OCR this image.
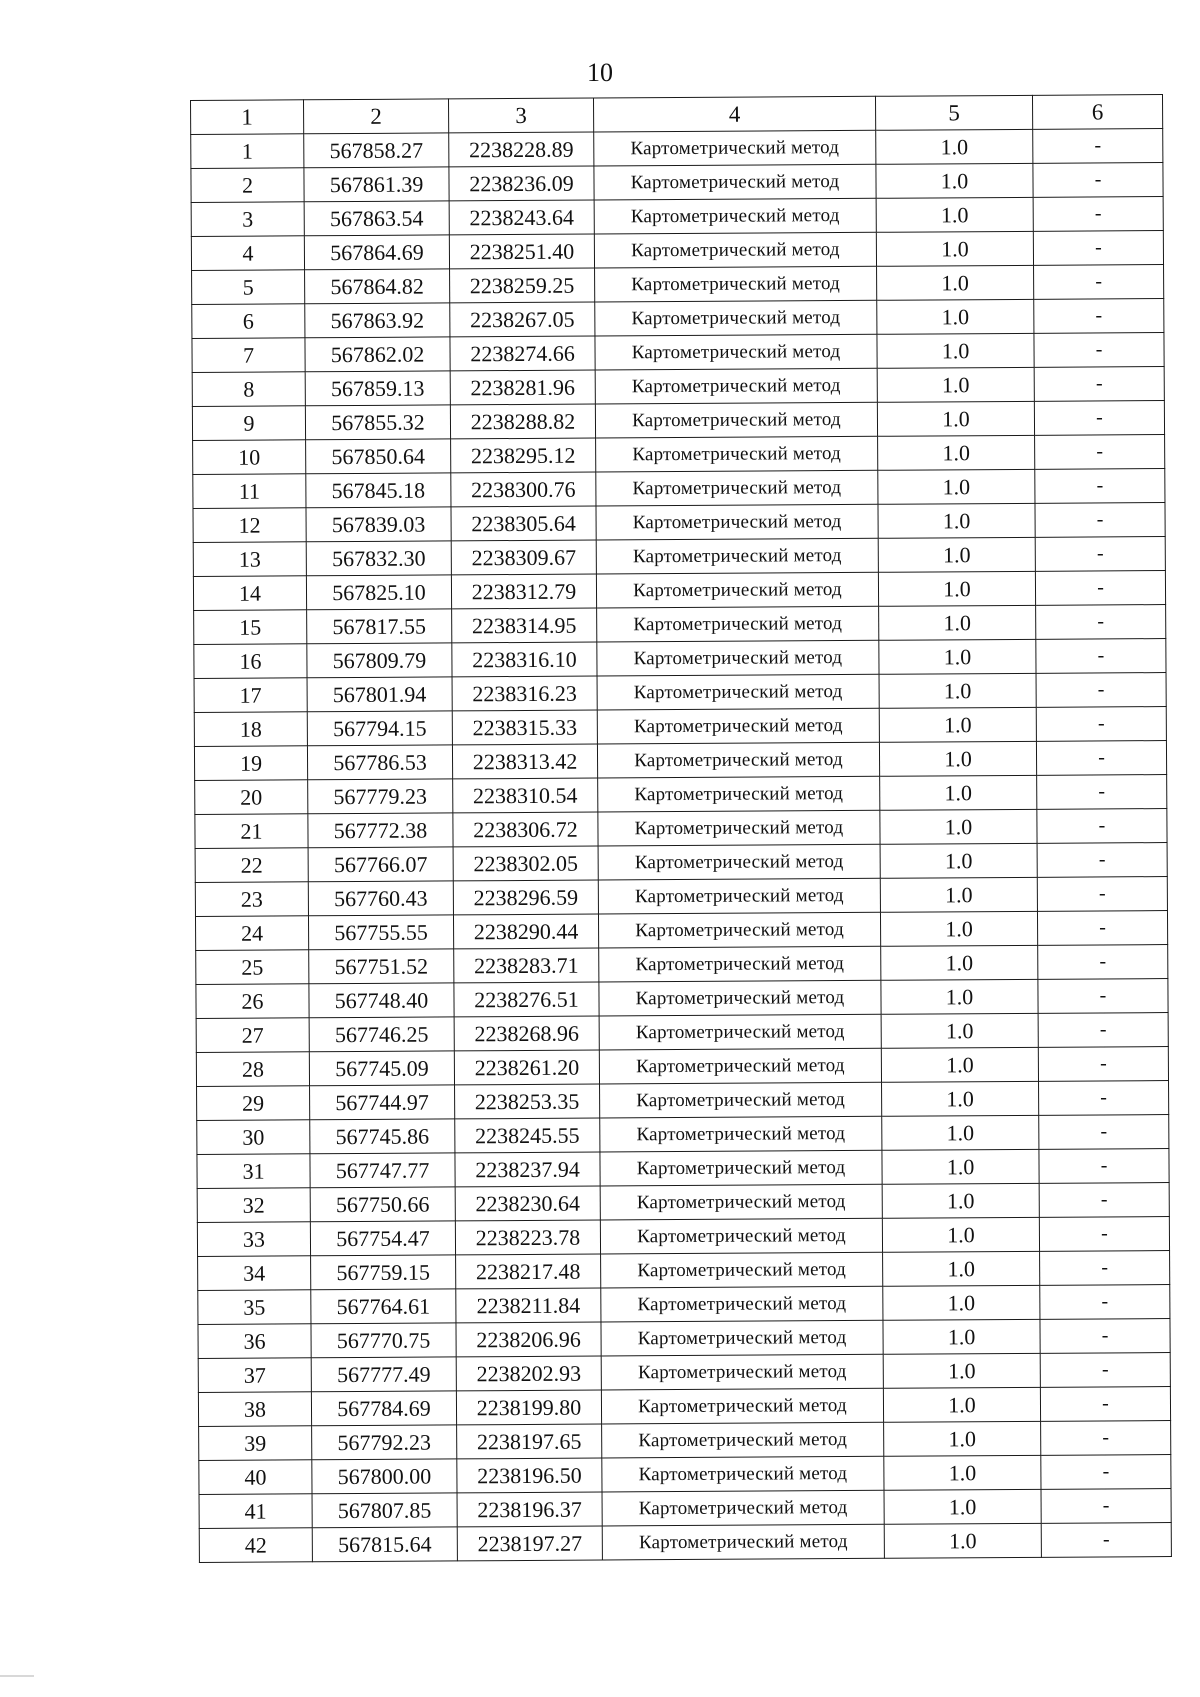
10
1	2	3	4	5	6
1	567858.27	2238228.89	Картометрический метод	1.0	-
2	567861.39	2238236.09	Картометрический метод	1.0	-
3	567863.54	2238243.64	Картометрический метод	1.0	-
4	567864.69	2238251.40	Картометрический метод	1.0	-
5	567864.82	2238259.25	Картометрический метод	1.0	-
6	567863.92	2238267.05	Картометрический метод	1.0	-
7	567862.02	2238274.66	Картометрический метод	1.0	-
8	567859.13	2238281.96	Картометрический метод	1.0	-
9	567855.32	2238288.82	Картометрический метод	1.0	-
10	567850.64	2238295.12	Картометрический метод	1.0	-
11	567845.18	2238300.76	Картометрический метод	1.0	-
12	567839.03	2238305.64	Картометрический метод	1.0	-
13	567832.30	2238309.67	Картометрический метод	1.0	-
14	567825.10	2238312.79	Картометрический метод	1.0	-
15	567817.55	2238314.95	Картометрический метод	1.0	-
16	567809.79	2238316.10	Картометрический метод	1.0	-
17	567801.94	2238316.23	Картометрический метод	1.0	-
18	567794.15	2238315.33	Картометрический метод	1.0	-
19	567786.53	2238313.42	Картометрический метод	1.0	-
20	567779.23	2238310.54	Картометрический метод	1.0	-
21	567772.38	2238306.72	Картометрический метод	1.0	-
22	567766.07	2238302.05	Картометрический метод	1.0	-
23	567760.43	2238296.59	Картометрический метод	1.0	-
24	567755.55	2238290.44	Картометрический метод	1.0	-
25	567751.52	2238283.71	Картометрический метод	1.0	-
26	567748.40	2238276.51	Картометрический метод	1.0	-
27	567746.25	2238268.96	Картометрический метод	1.0	-
28	567745.09	2238261.20	Картометрический метод	1.0	-
29	567744.97	2238253.35	Картометрический метод	1.0	-
30	567745.86	2238245.55	Картометрический метод	1.0	-
31	567747.77	2238237.94	Картометрический метод	1.0	-
32	567750.66	2238230.64	Картометрический метод	1.0	-
33	567754.47	2238223.78	Картометрический метод	1.0	-
34	567759.15	2238217.48	Картометрический метод	1.0	-
35	567764.61	2238211.84	Картометрический метод	1.0	-
36	567770.75	2238206.96	Картометрический метод	1.0	-
37	567777.49	2238202.93	Картометрический метод	1.0	-
38	567784.69	2238199.80	Картометрический метод	1.0	-
39	567792.23	2238197.65	Картометрический метод	1.0	-
40	567800.00	2238196.50	Картометрический метод	1.0	-
41	567807.85	2238196.37	Картометрический метод	1.0	-
42	567815.64	2238197.27	Картометрический метод	1.0	-
